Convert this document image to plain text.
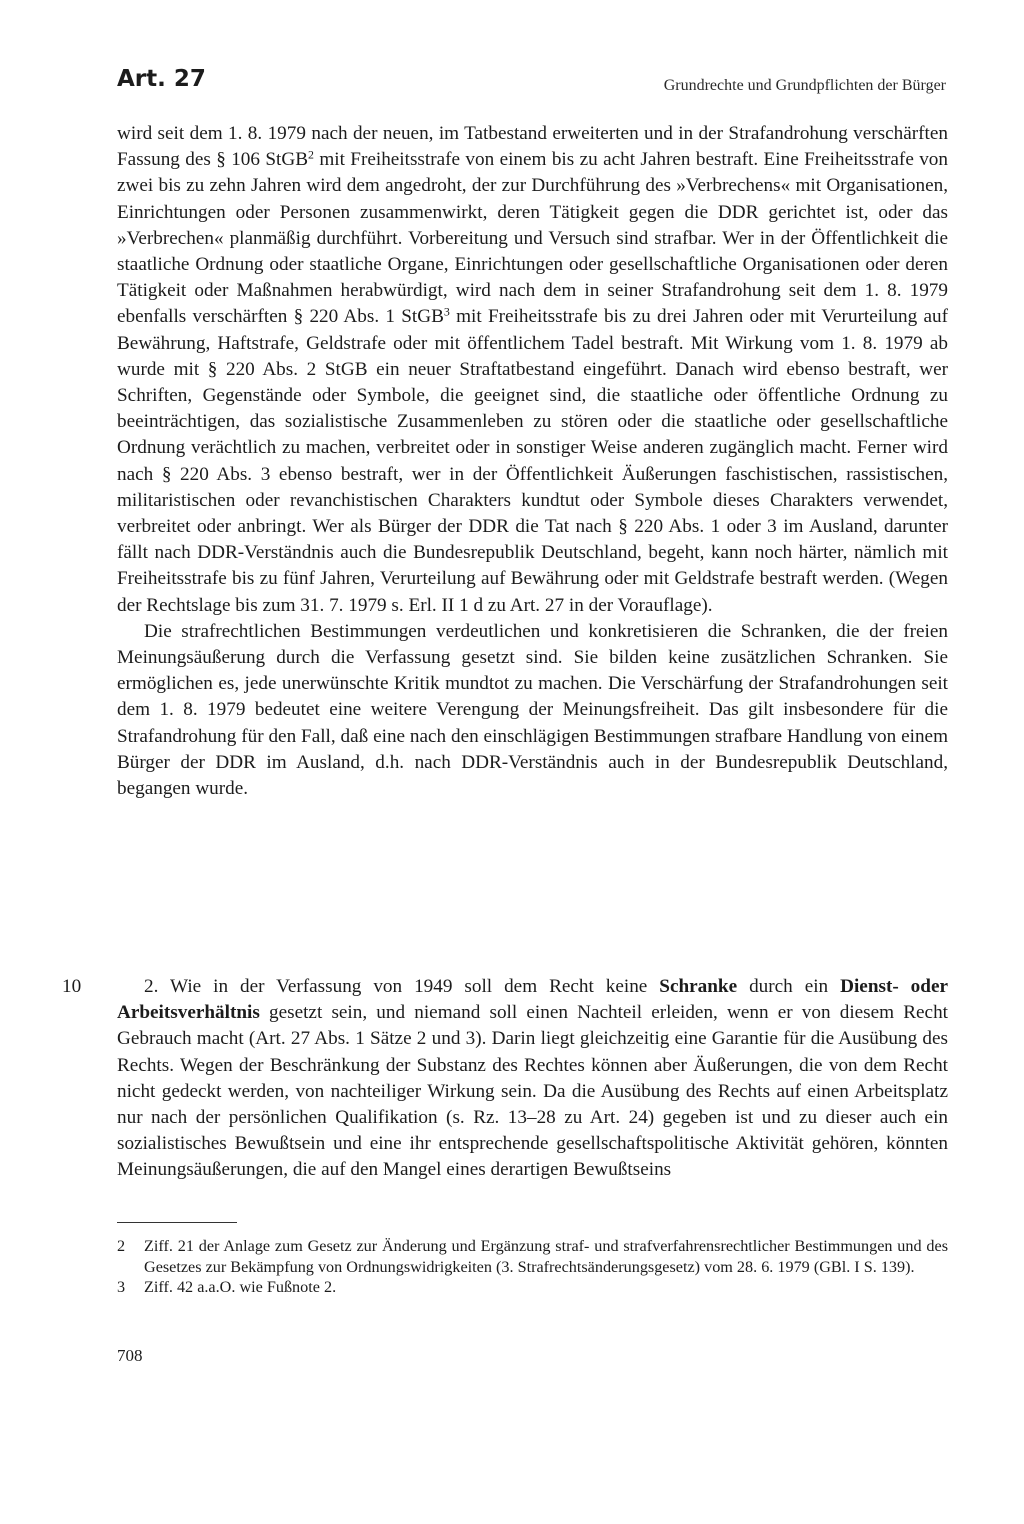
Art. 27	Grundrechte und Grundpflichten der Bürger

wird seit dem 1. 8. 1979 nach der neuen, im Tatbestand erweiterten und in der Strafandrohung verschärften Fassung des § 106 StGB$^2$ mit Freiheitsstrafe von einem bis zu acht Jahren bestraft. Eine Freiheitsstrafe von zwei bis zu zehn Jahren wird dem angedroht, der zur Durchführung des »Verbrechens« mit Organisationen, Einrichtungen oder Personen zusammenwirkt, deren Tätigkeit gegen die DDR gerichtet ist, oder das »Verbrechen« planmäßig durchführt. Vorbereitung und Versuch sind strafbar. Wer in der Öffentlichkeit die staatliche Ordnung oder staatliche Organe, Einrichtungen oder gesellschaftliche Organisationen oder deren Tätigkeit oder Maßnahmen herabwürdigt, wird nach dem in seiner Strafandrohung seit dem 1. 8. 1979 ebenfalls verschärften § 220 Abs. 1 StGB$^3$ mit Freiheitsstrafe bis zu drei Jahren oder mit Verurteilung auf Bewährung, Haftstrafe, Geldstrafe oder mit öffentlichem Tadel bestraft. Mit Wirkung vom 1. 8. 1979 ab wurde mit § 220 Abs. 2 StGB ein neuer Straftatbestand eingeführt. Danach wird ebenso bestraft, wer Schriften, Gegenstände oder Symbole, die geeignet sind, die staatliche oder öffentliche Ordnung zu beeinträchtigen, das sozialistische Zusammenleben zu stören oder die staatliche oder gesellschaftliche Ordnung verächtlich zu machen, verbreitet oder in sonstiger Weise anderen zugänglich macht. Ferner wird nach § 220 Abs. 3 ebenso bestraft, wer in der Öffentlichkeit Äußerungen faschistischen, rassistischen, militaristischen oder revanchistischen Charakters kundtut oder Symbole dieses Charakters verwendet, verbreitet oder anbringt. Wer als Bürger der DDR die Tat nach § 220 Abs. 1 oder 3 im Ausland, darunter fällt nach DDR-Verständnis auch die Bundesrepublik Deutschland, begeht, kann noch härter, nämlich mit Freiheitsstrafe bis zu fünf Jahren, Verurteilung auf Bewährung oder mit Geldstrafe bestraft werden. (Wegen der Rechtslage bis zum 31. 7. 1979 s. Erl. II 1 d zu Art. 27 in der Vorauflage).

Die strafrechtlichen Bestimmungen verdeutlichen und konkretisieren die Schranken, die der freien Meinungsäußerung durch die Verfassung gesetzt sind. Sie bilden keine zusätzlichen Schranken. Sie ermöglichen es, jede unerwünschte Kritik mundtot zu machen. Die Verschärfung der Strafandrohungen seit dem 1. 8. 1979 bedeutet eine weitere Verengung der Meinungsfreiheit. Das gilt insbesondere für die Strafandrohung für den Fall, daß eine nach den einschlägigen Bestimmungen strafbare Handlung von einem Bürger der DDR im Ausland, d.h. nach DDR-Verständnis auch in der Bundesrepublik Deutschland, begangen wurde.

10	2. Wie in der Verfassung von 1949 soll dem Recht keine Schranke durch ein Dienst- oder Arbeitsverhältnis gesetzt sein, und niemand soll einen Nachteil erleiden, wenn er von diesem Recht Gebrauch macht (Art. 27 Abs. 1 Sätze 2 und 3). Darin liegt gleichzeitig eine Garantie für die Ausübung des Rechts. Wegen der Beschränkung der Substanz des Rechtes können aber Äußerungen, die von dem Recht nicht gedeckt werden, von nachteiliger Wirkung sein. Da die Ausübung des Rechts auf einen Arbeitsplatz nur nach der persönlichen Qualifikation (s. Rz. 13–28 zu Art. 24) gegeben ist und zu dieser auch ein sozialistisches Bewußtsein und eine ihr entsprechende gesellschaftspolitische Aktivität gehören, könnten Meinungsäußerungen, die auf den Mangel eines derartigen Bewußtseins

2	Ziff. 21 der Anlage zum Gesetz zur Änderung und Ergänzung straf- und strafverfahrensrechtlicher Bestimmungen und des Gesetzes zur Bekämpfung von Ordnungswidrigkeiten (3. Strafrechtsänderungsgesetz) vom 28. 6. 1979 (GBl. I S. 139).
3	Ziff. 42 a.a.O. wie Fußnote 2.
708
